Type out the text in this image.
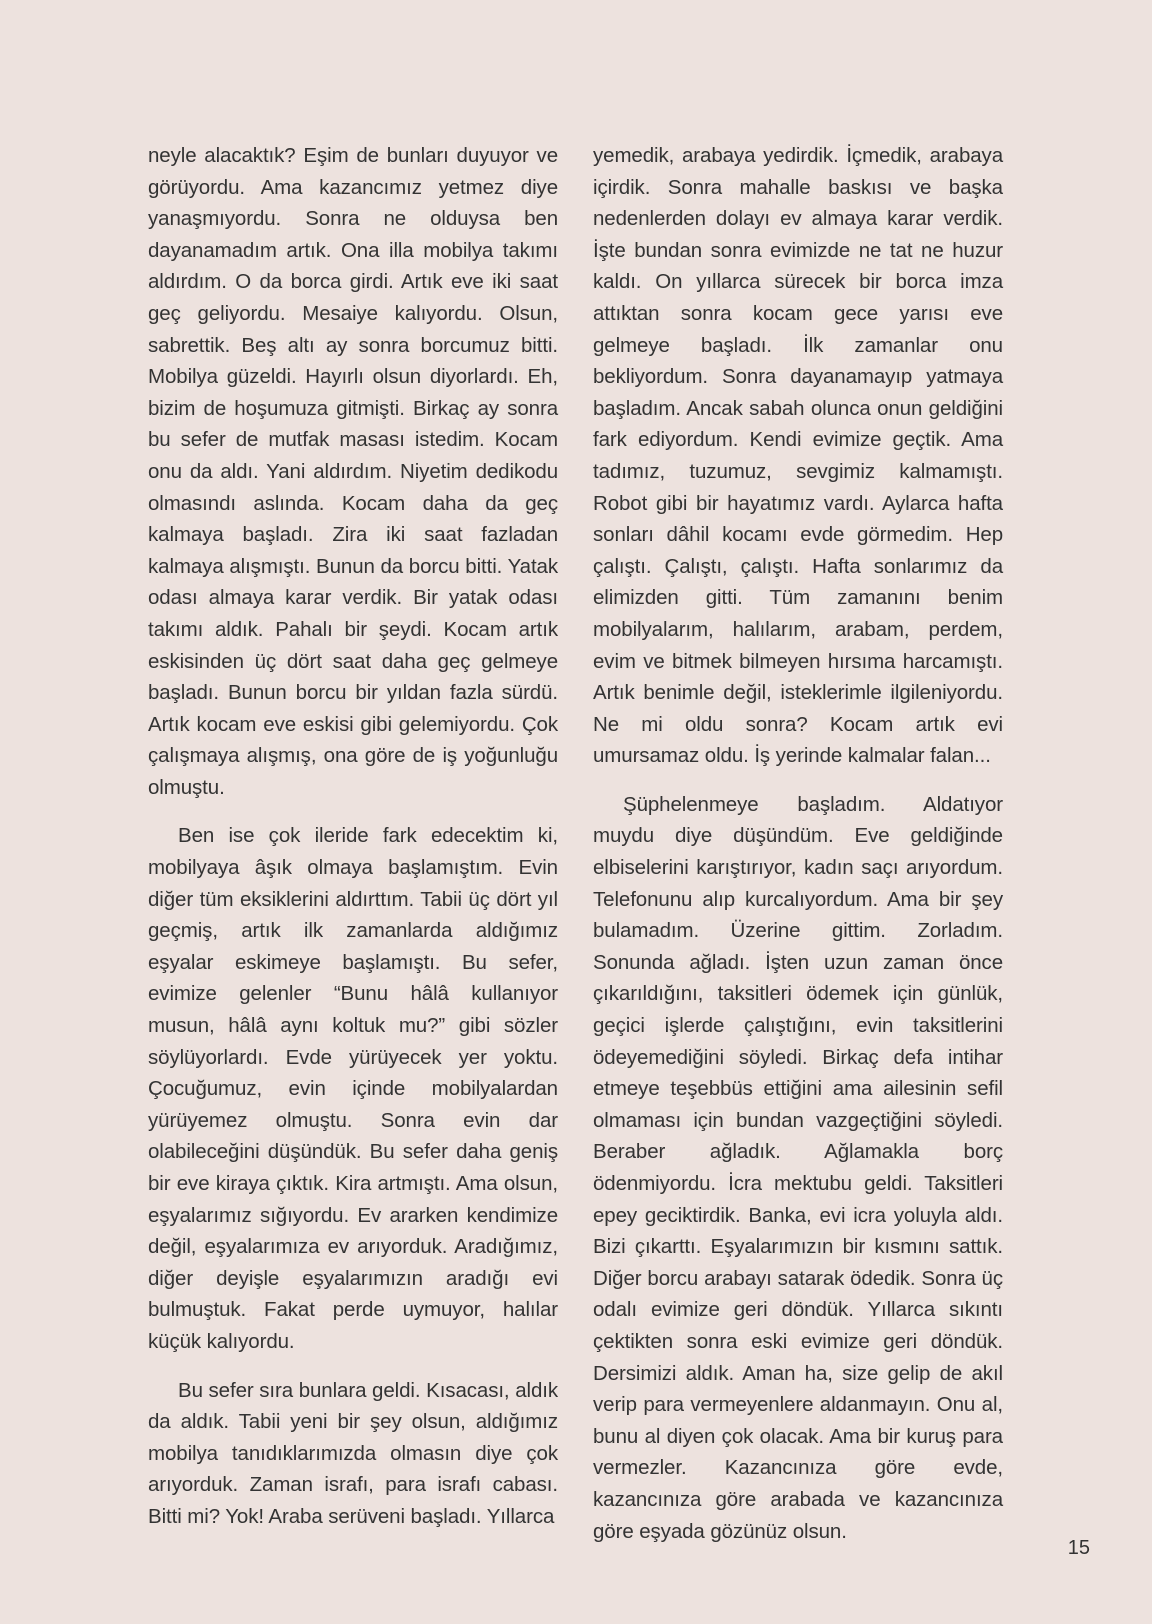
neyle alacaktık? Eşim de bunları duyuyor ve görüyordu. Ama kazancımız yetmez diye yanaşmıyordu. Sonra ne olduysa ben dayanamadım artık. Ona illa mobilya takımı aldırdım. O da borca girdi. Artık eve iki saat geç geliyordu. Mesaiye kalıyordu. Olsun, sabrettik. Beş altı ay sonra borcumuz bitti. Mobilya güzeldi. Hayırlı olsun diyorlardı. Eh, bizim de hoşumuza gitmişti. Birkaç ay sonra bu sefer de mutfak masası istedim. Kocam onu da aldı. Yani aldırdım. Niyetim dedikodu olmasındı aslında. Kocam daha da geç kalmaya başladı. Zira iki saat fazladan kalmaya alışmıştı. Bunun da borcu bitti. Yatak odası almaya karar verdik. Bir yatak odası takımı aldık. Pahalı bir şeydi. Kocam artık eskisinden üç dört saat daha geç gelmeye başladı. Bunun borcu bir yıldan fazla sürdü. Artık kocam eve eskisi gibi gelemiyordu. Çok çalışmaya alışmış, ona göre de iş yoğunluğu olmuştu.

Ben ise çok ileride fark edecektim ki, mobilyaya âşık olmaya başlamıştım. Evin diğer tüm eksiklerini aldırttım. Tabii üç dört yıl geçmiş, artık ilk zamanlarda aldığımız eşyalar eskimeye başlamıştı. Bu sefer, evimize gelenler “Bunu hâlâ kullanıyor musun, hâlâ aynı koltuk mu?” gibi sözler söylüyorlardı. Evde yürüyecek yer yoktu. Çocuğumuz, evin içinde mobilyalardan yürüyemez olmuştu. Sonra evin dar olabileceğini düşündük. Bu sefer daha geniş bir eve kiraya çıktık. Kira artmıştı. Ama olsun, eşyalarımız sığıyordu. Ev ararken kendimize değil, eşyalarımıza ev arıyorduk. Aradığımız, diğer deyişle eşyalarımızın aradığı evi bulmuştuk. Fakat perde uymuyor, halılar küçük kalıyordu.

Bu sefer sıra bunlara geldi. Kısacası, aldık da aldık. Tabii yeni bir şey olsun, aldığımız mobilya tanıdıklarımızda olmasın diye çok arıyorduk. Zaman israfı, para israfı cabası. Bitti mi? Yok! Araba serüveni başladı. Yıllarca

yemedik, arabaya yedirdik. İçmedik, arabaya içirdik. Sonra mahalle baskısı ve başka nedenlerden dolayı ev almaya karar verdik. İşte bundan sonra evimizde ne tat ne huzur kaldı. On yıllarca sürecek bir borca imza attıktan sonra kocam gece yarısı eve gelmeye başladı. İlk zamanlar onu bekliyordum. Sonra dayanamayıp yatmaya başladım. Ancak sabah olunca onun geldiğini fark ediyordum. Kendi evimize geçtik. Ama tadımız, tuzumuz, sevgimiz kalmamıştı. Robot gibi bir hayatımız vardı. Aylarca hafta sonları dâhil kocamı evde görmedim. Hep çalıştı. Çalıştı, çalıştı. Hafta sonlarımız da elimizden gitti. Tüm zamanını benim mobilyalarım, halılarım, arabam, perdem, evim ve bitmek bilmeyen hırsıma harcamıştı. Artık benimle değil, isteklerimle ilgileniyordu. Ne mi oldu sonra? Kocam artık evi umursamaz oldu. İş yerinde kalmalar falan...

Şüphelenmeye başladım. Aldatıyor muydu diye düşündüm. Eve geldiğinde elbiselerini karıştırıyor, kadın saçı arıyordum. Telefonunu alıp kurcalıyordum. Ama bir şey bulamadım. Üzerine gittim. Zorladım. Sonunda ağladı. İşten uzun zaman önce çıkarıldığını, taksitleri ödemek için günlük, geçici işlerde çalıştığını, evin taksitlerini ödeyemediğini söyledi. Birkaç defa intihar etmeye teşebbüs ettiğini ama ailesinin sefil olmaması için bundan vazgeçtiğini söyledi. Beraber ağladık. Ağlamakla borç ödenmiyordu. İcra mektubu geldi. Taksitleri epey geciktirdik. Banka, evi icra yoluyla aldı. Bizi çıkarttı. Eşyalarımızın bir kısmını sattık. Diğer borcu arabayı satarak ödedik. Sonra üç odalı evimize geri döndük. Yıllarca sıkıntı çektikten sonra eski evimize geri döndük. Dersimizi aldık. Aman ha, size gelip de akıl verip para vermeyenlere aldanmayın. Onu al, bunu al diyen çok olacak. Ama bir kuruş para vermezler. Kazancınıza göre evde, kazancınıza göre arabada ve kazancınıza göre eşyada gözünüz olsun.

15
